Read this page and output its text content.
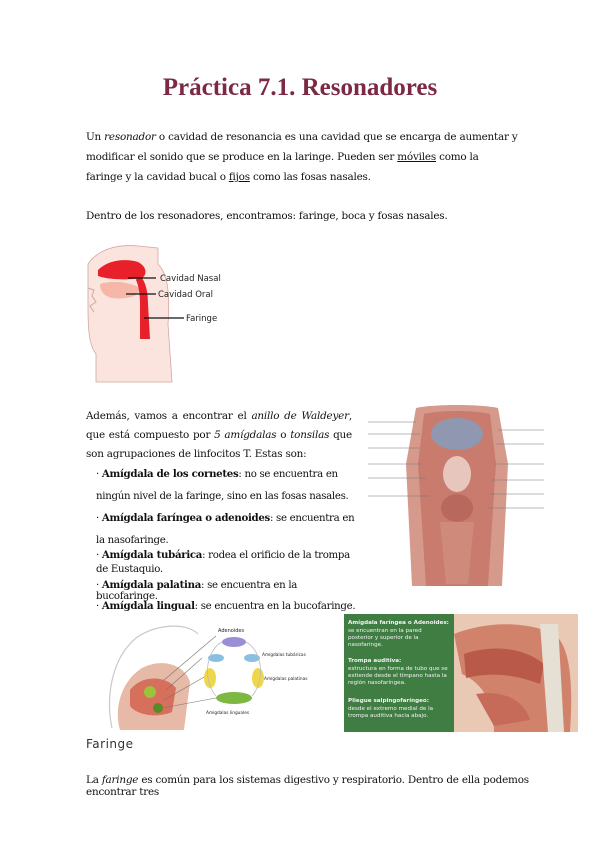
Práctica 7.1. Resonadores

Un resonador o cavidad de resonancia es una cavidad que se encarga de aumentar y modificar el sonido que se produce en la laringe. Pueden ser móviles como la faringe y la cavidad bucal o fijos como las fosas nasales.

Dentro de los resonadores, encontramos: faringe, boca y fosas nasales.

Cavidad Nasal
Cavidad Oral
Faringe

Además, vamos a encontrar el anillo de Waldeyer, que está compuesto por 5 amígdalas o tonsilas que son agrupaciones de linfocitos T. Estas son:

· Amígdala de los cornetes: no se encuentra en ningún nivel de la faringe, sino en las fosas nasales.
· Amígdala faríngea o adenoides: se encuentra en la nasofaringe.
· Amígdala tubárica: rodea el orificio de la trompa de Eustaquio.
· Amígdala palatina: se encuentra en la bucofaringe.
· Amígdala lingual: se encuentra en la bucofaringe.
Adenoides
Amígdalas tubáricas
Amígdalas palatinas
Amígdalas linguales
Amígdala faríngea o Adenoides: se encuentran en la pared posterior y superior de la nasofaringe. Trompa auditiva: estructura en forma de tubo que se extiende desde el tímpano hasta la región nasofaríngea. Pliegue salpingofaríngeo: desde el extremo medial de la trompa auditiva hacia abajo.
Faringe

La faringe es común para los sistemas digestivo y respiratorio. Dentro de ella podemos encontrar tres
